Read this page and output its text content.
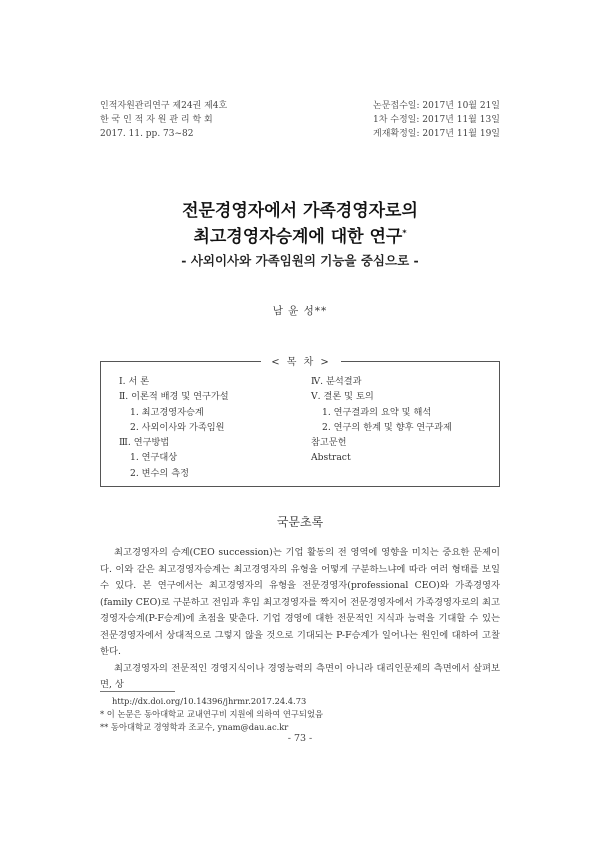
인적자원관리연구 제24권 제4호
한 국 인 적 자 원 관 리 학 회
2017. 11. pp. 73~82
논문접수일: 2017년 10월 21일
1차 수정일: 2017년 11월 13일
게재확정일: 2017년 11월 19일
전문경영자에서 가족경영자로의
최고경영자승계에 대한 연구*
- 사외이사와 가족임원의 기능을 중심으로 -
남 윤 성**
< 목 차 >
Ⅰ. 서 론
Ⅱ. 이론적 배경 및 연구가설
1. 최고경영자승계
2. 사외이사와 가족임원
Ⅲ. 연구방법
1. 연구대상
2. 변수의 측정
Ⅳ. 분석결과
Ⅴ. 결론 및 토의
1. 연구결과의 요약 및 해석
2. 연구의 한계 및 향후 연구과제
참고문헌
Abstract
국문초록

최고경영자의 승계(CEO succession)는 기업 활동의 전 영역에 영향을 미치는 중요한 문제이다. 이와 같은 최고경영자승계는 최고경영자의 유형을 어떻게 구분하느냐에 따라 여러 형태를 보일 수 있다. 본 연구에서는 최고경영자의 유형을 전문경영자(professional CEO)와 가족경영자(family CEO)로 구분하고 전임과 후임 최고경영자를 짝지어 전문경영자에서 가족경영자로의 최고경영자승계(P-F승계)에 초점을 맞춘다. 기업 경영에 대한 전문적인 지식과 능력을 기대할 수 있는 전문경영자에서 상대적으로 그렇지 않을 것으로 기대되는 P-F승계가 일어나는 원인에 대하여 고찰한다.

최고경영자의 전문적인 경영지식이나 경영능력의 측면이 아니라 대리인문제의 측면에서 살펴보면, 상

http://dx.doi.org/10.14396/jhrmr.2017.24.4.73
* 이 논문은 동아대학교 교내연구비 지원에 의하여 연구되었음
** 동아대학교 경영학과 조교수, ynam@dau.ac.kr
- 73 -
